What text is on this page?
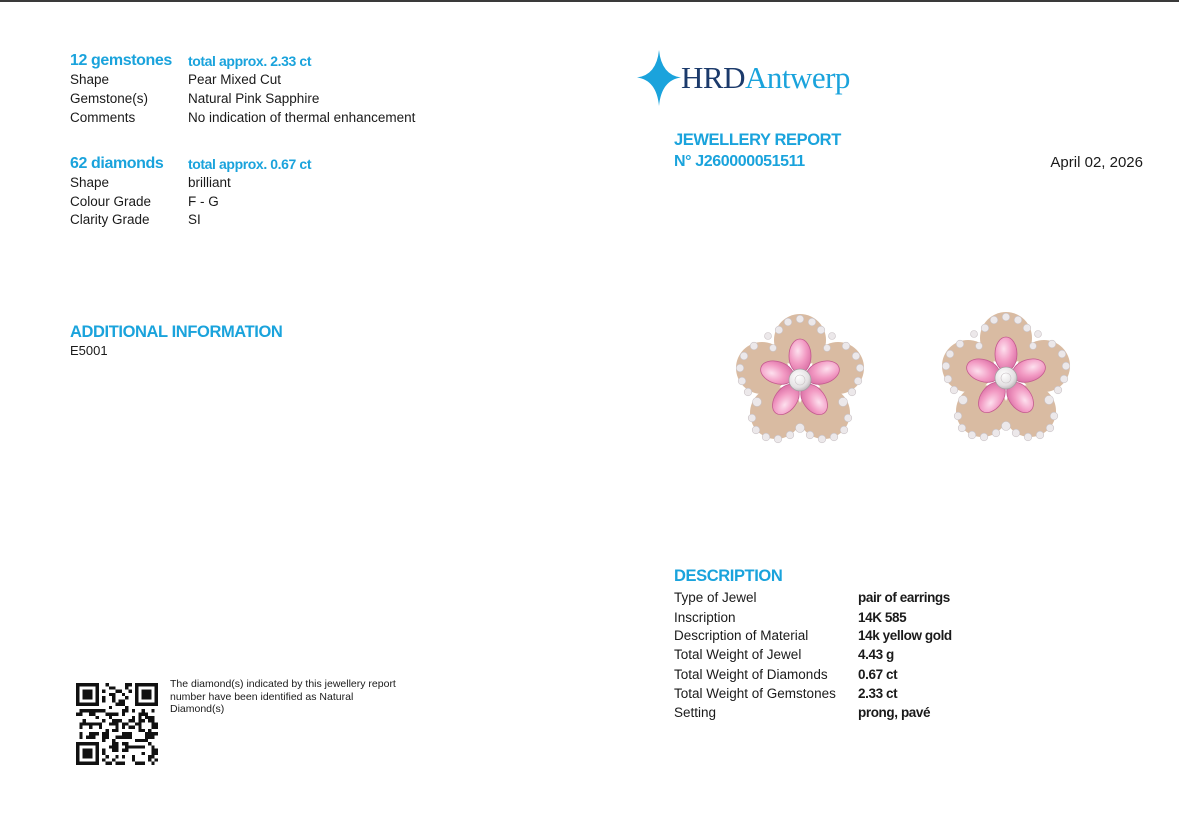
12 gemstones total approx. 2.33 ct
Shape	Pear Mixed Cut
Gemstone(s)	Natural Pink Sapphire
Comments	No indication of thermal enhancement
62 diamonds total approx. 0.67 ct
Shape	brilliant
Colour Grade	F - G
Clarity Grade	SI
HRDAntwerp
JEWELLERY REPORT
N° J260000051511	April 02, 2026
ADDITIONAL INFORMATION
E5001
DESCRIPTION
Type of Jewel	pair of earrings
Inscription	14K 585
Description of Material	14k yellow gold
Total Weight of Jewel	4.43 g
Total Weight of Diamonds 0.67 ct
Total Weight of Gemstones 2.33 ct
Setting	prong, pavé
The diamond(s) indicated by this jewellery report number have been identified as Natural Diamond(s)
